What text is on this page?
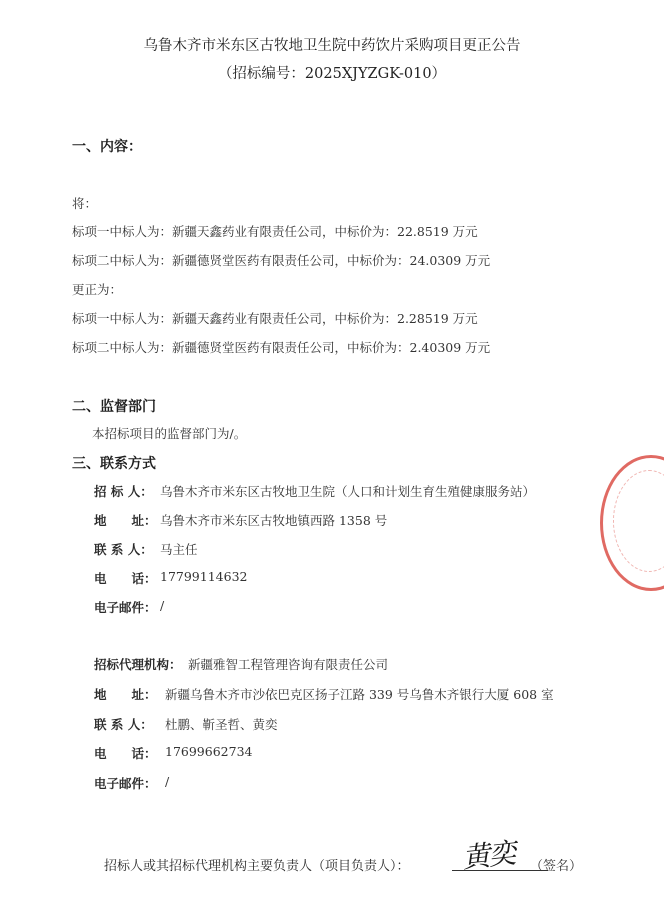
乌鲁木齐市米东区古牧地卫生院中药饮片采购项目更正公告
（招标编号：2025XJYZGK-010）
一、内容：
将：
标项一中标人为：新疆天鑫药业有限责任公司，中标价为：22.8519 万元
标项二中标人为：新疆德贤堂医药有限责任公司，中标价为：24.0309 万元
更正为：
标项一中标人为：新疆天鑫药业有限责任公司，中标价为：2.28519 万元
标项二中标人为：新疆德贤堂医药有限责任公司，中标价为：2.40309 万元
二、监督部门
本招标项目的监督部门为/。
三、联系方式
招 标 人： 乌鲁木齐市米东区古牧地卫生院（人口和计划生育生殖健康服务站）
地　　址： 乌鲁木齐市米东区古牧地镇西路 1358 号
联 系 人： 马主任
电　　话： 17799114632
电子邮件： /
招标代理机构： 新疆雅智工程管理咨询有限责任公司
地　　址： 新疆乌鲁木齐市沙依巴克区扬子江路 339 号乌鲁木齐银行大厦 608 室
联 系 人： 杜鹏、靳圣哲、黄奕
电　　话： 17699662734
电子邮件： /
招标人或其招标代理机构主要负责人（项目负责人）： 黄奕 （签名）
